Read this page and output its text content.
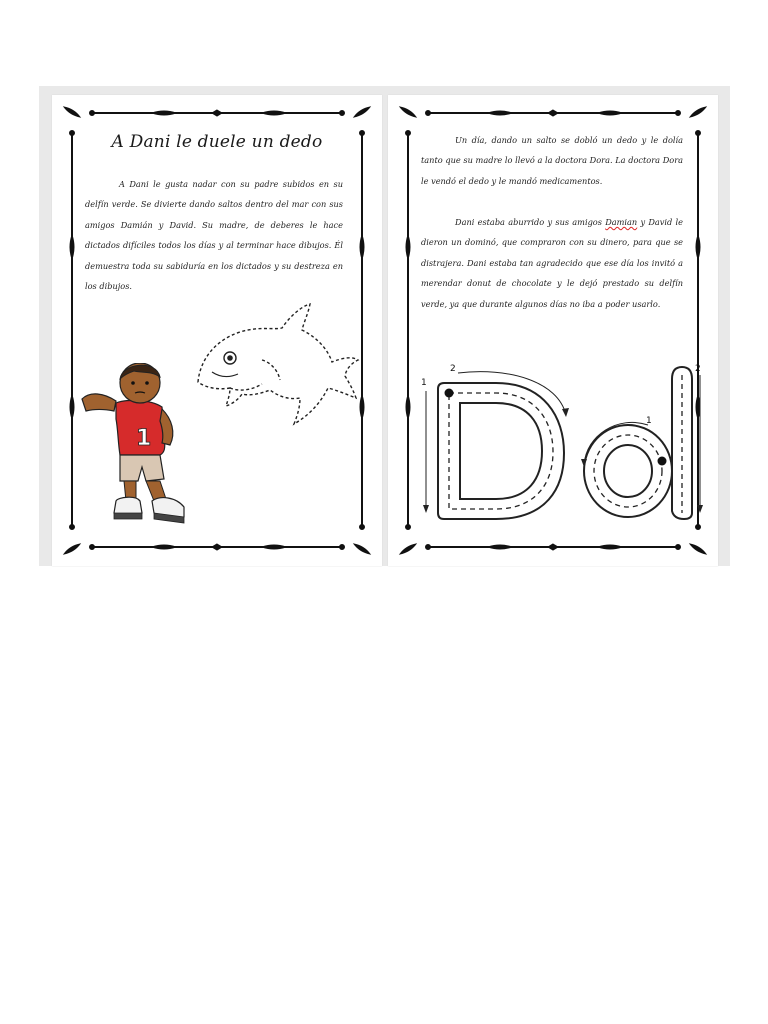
A Dani le duele un dedo

A Dani le gusta nadar con su padre subidos en su delfín verde. Se divierte dando saltos dentro del mar con sus amigos Damián y David. Su madre, de deberes le hace dictados difíciles todos los días y al terminar hace dibujos. Él demuestra toda su sabiduría en los dictados y su destreza en los dibujos.

1

Un día, dando un salto se dobló un dedo y le dolía tanto que su madre lo llevó a la doctora Dora. La doctora Dora le vendó el dedo y le mandó medicamentos.

Dani estaba aburrido y sus amigos Damian y David le dieron un dominó, que compraron con su dinero, para que se distrajera. Dani estaba tan agradecido que ese día los invitó a merendar donut de chocolate y le dejó prestado su delfín verde, ya que durante algunos días no iba a poder usarlo.

1
2
1
2
